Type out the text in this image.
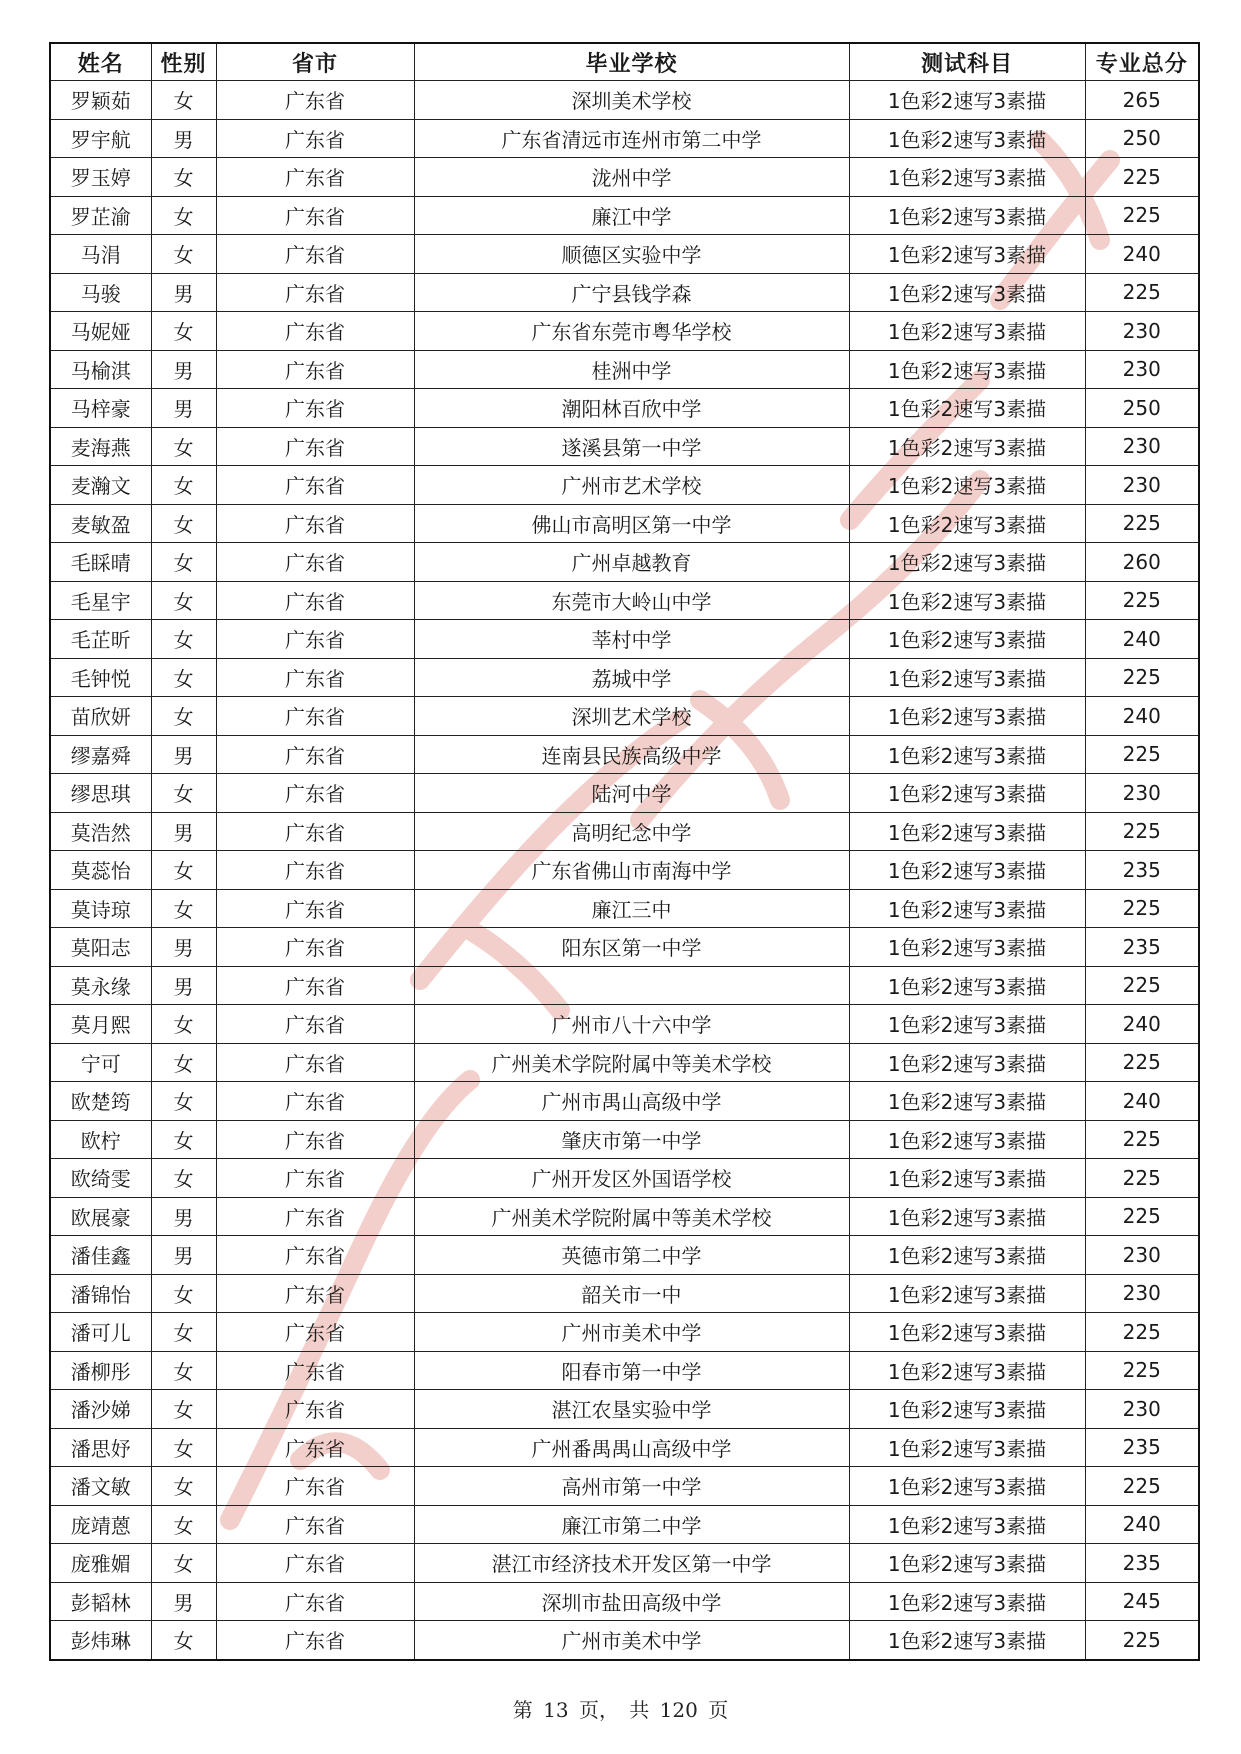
姓名	性别	省市	毕业学校	测试科目	专业总分
罗颖茹	女	广东省	深圳美术学校	1色彩2速写3素描	265
罗宇航	男	广东省	广东省清远市连州市第二中学	1色彩2速写3素描	250
罗玉婷	女	广东省	泷州中学	1色彩2速写3素描	225
罗芷渝	女	广东省	廉江中学	1色彩2速写3素描	225
马涓	女	广东省	顺德区实验中学	1色彩2速写3素描	240
马骏	男	广东省	广宁县钱学森	1色彩2速写3素描	225
马妮娅	女	广东省	广东省东莞市粤华学校	1色彩2速写3素描	230
马榆淇	男	广东省	桂洲中学	1色彩2速写3素描	230
马梓豪	男	广东省	潮阳林百欣中学	1色彩2速写3素描	250
麦海燕	女	广东省	遂溪县第一中学	1色彩2速写3素描	230
麦瀚文	女	广东省	广州市艺术学校	1色彩2速写3素描	230
麦敏盈	女	广东省	佛山市高明区第一中学	1色彩2速写3素描	225
毛睬晴	女	广东省	广州卓越教育	1色彩2速写3素描	260
毛星宇	女	广东省	东莞市大岭山中学	1色彩2速写3素描	225
毛芷昕	女	广东省	莘村中学	1色彩2速写3素描	240
毛钟悦	女	广东省	荔城中学	1色彩2速写3素描	225
苗欣妍	女	广东省	深圳艺术学校	1色彩2速写3素描	240
缪嘉舜	男	广东省	连南县民族高级中学	1色彩2速写3素描	225
缪思琪	女	广东省	陆河中学	1色彩2速写3素描	230
莫浩然	男	广东省	高明纪念中学	1色彩2速写3素描	225
莫蕊怡	女	广东省	广东省佛山市南海中学	1色彩2速写3素描	235
莫诗琼	女	广东省	廉江三中	1色彩2速写3素描	225
莫阳志	男	广东省	阳东区第一中学	1色彩2速写3素描	235
莫永缘	男	广东省		1色彩2速写3素描	225
莫月熙	女	广东省	广州市八十六中学	1色彩2速写3素描	240
宁可	女	广东省	广州美术学院附属中等美术学校	1色彩2速写3素描	225
欧楚筠	女	广东省	广州市禺山高级中学	1色彩2速写3素描	240
欧柠	女	广东省	肇庆市第一中学	1色彩2速写3素描	225
欧绮雯	女	广东省	广州开发区外国语学校	1色彩2速写3素描	225
欧展豪	男	广东省	广州美术学院附属中等美术学校	1色彩2速写3素描	225
潘佳鑫	男	广东省	英德市第二中学	1色彩2速写3素描	230
潘锦怡	女	广东省	韶关市一中	1色彩2速写3素描	230
潘可儿	女	广东省	广州市美术中学	1色彩2速写3素描	225
潘柳彤	女	广东省	阳春市第一中学	1色彩2速写3素描	225
潘沙娣	女	广东省	湛江农垦实验中学	1色彩2速写3素描	230
潘思妤	女	广东省	广州番禺禺山高级中学	1色彩2速写3素描	235
潘文敏	女	广东省	高州市第一中学	1色彩2速写3素描	225
庞靖蒽	女	广东省	廉江市第二中学	1色彩2速写3素描	240
庞雅媚	女	广东省	湛江市经济技术开发区第一中学	1色彩2速写3素描	235
彭韬林	男	广东省	深圳市盐田高级中学	1色彩2速写3素描	245
彭炜琳	女	广东省	广州市美术中学	1色彩2速写3素描	225
第 13 页， 共 120 页
